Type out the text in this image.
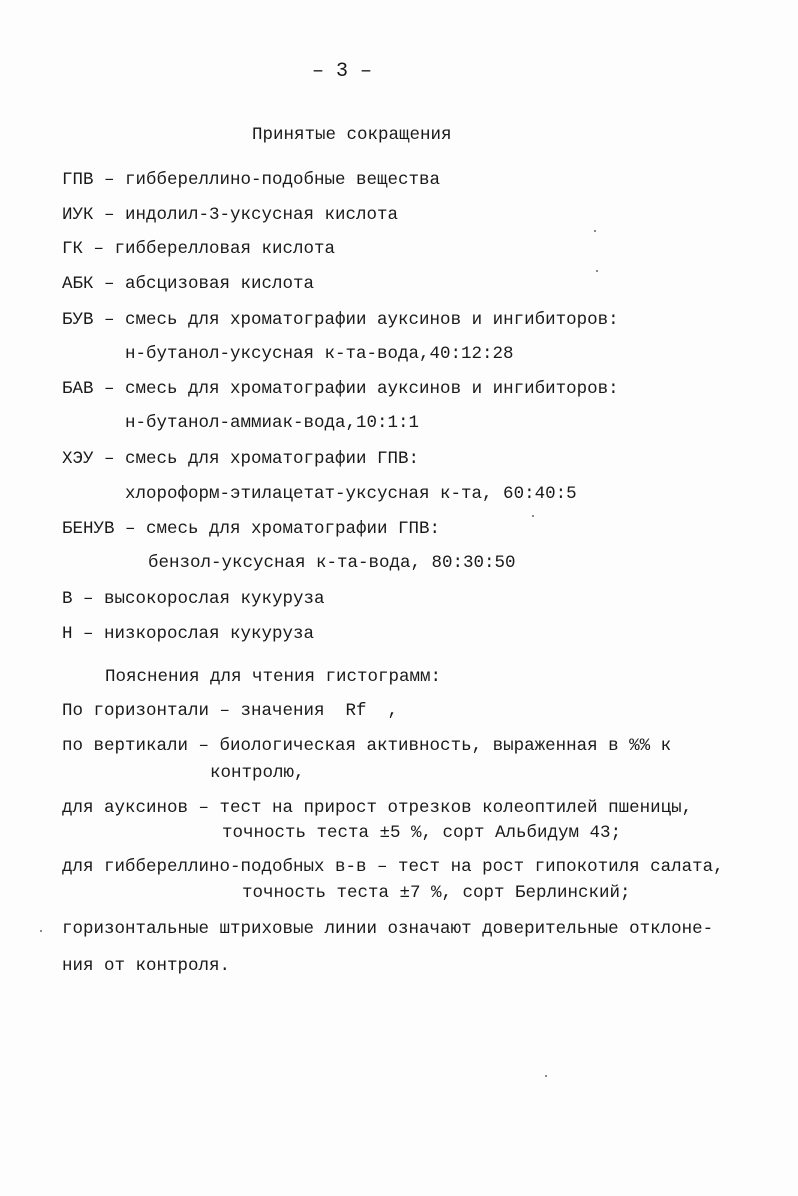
– 3 –
Принятые сокращения
ГПВ – гиббереллино-подобные вещества
ИУК – индолил-3-уксусная кислота
ГК – гибберелловая кислота
АБК – абсцизовая кислота
БУВ – смесь для хроматографии ауксинов и ингибиторов:
н-бутанол-уксусная к-та-вода,40:12:28
БАВ – смесь для хроматографии ауксинов и ингибиторов:
н-бутанол-аммиак-вода,10:1:1
ХЭУ – смесь для хроматографии ГПВ:
хлороформ-этилацетат-уксусная к-та, 60:40:5
БЕНУВ – смесь для хроматографии ГПВ:
бензол-уксусная к-та-вода, 80:30:50
В – высокорослая кукуруза
Н – низкорослая кукуруза
Пояснения для чтения гистограмм:
По горизонтали – значения  Rf  ,
по вертикали – биологическая активность, выраженная в %% к
контролю,
для ауксинов – тест на прирост отрезков колеоптилей пшеницы,
точность теста ±5 %, сорт Альбидум 43;
для гиббереллино-подобных в-в – тест на рост гипокотиля салата,
точность теста ±7 %, сорт Берлинский;
горизонтальные штриховые линии означают доверительные отклоне-
ния от контроля.
